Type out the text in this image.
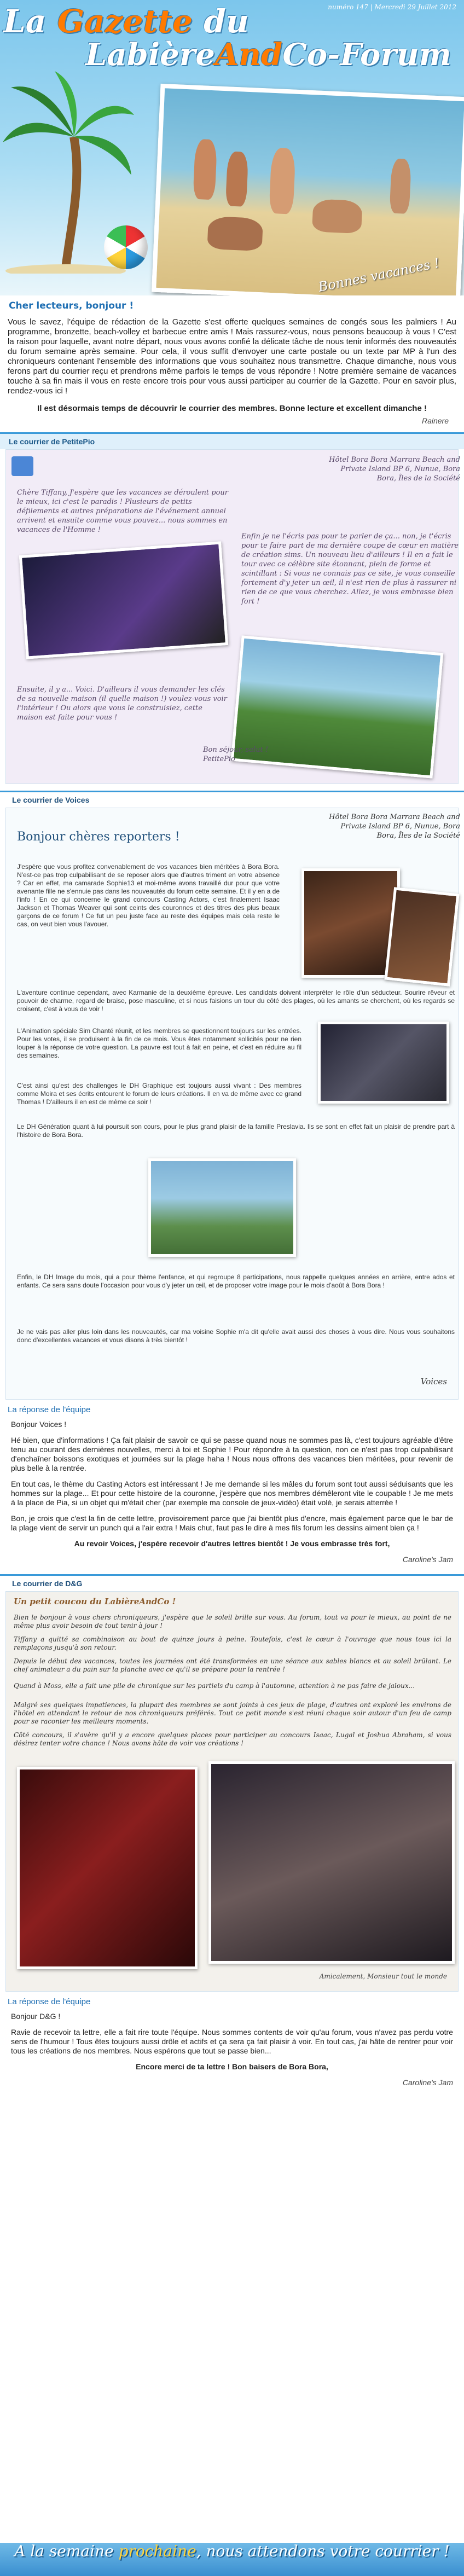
numéro 147 | Mercredi 29 Juillet 2012
La Gazette du
LabièreAndCo-Forum
Bonnes vacances !
Cher lecteurs, bonjour !

Vous le savez, l'équipe de rédaction de la Gazette s'est offerte quelques semaines de congés sous les palmiers ! Au programme, bronzette, beach-volley et barbecue entre amis ! Mais rassurez-vous, nous pensons beaucoup à vous ! C'est la raison pour laquelle, avant notre départ, nous vous avons confié la délicate tâche de nous tenir informés des nouveautés du forum semaine après semaine. Pour cela, il vous suffit d'envoyer une carte postale ou un texte par MP à l'un des chroniqueurs contenant l'ensemble des informations que vous souhaitez nous transmettre. Chaque dimanche, nous vous ferons part du courrier reçu et prendrons même parfois le temps de vous répondre ! Notre première semaine de vacances touche à sa fin mais il vous en reste encore trois pour vous aussi participer au courrier de la Gazette. Pour en savoir plus, rendez-vous ici !

Il est désormais temps de découvrir le courrier des membres. Bonne lecture et excellent dimanche !

Rainere
Le courrier de PetitePio
Hôtel Bora Bora Marrara Beach and Private Island BP 6, Nunue, Bora Bora, Îles de la Société
Chère Tiffany, J'espère que les vacances se déroulent pour le mieux, ici c'est le paradis ! Plusieurs de petits défilements et autres préparations de l'événement annuel arrivent et ensuite comme vous pouvez... nous sommes en vacances de l'Homme !
Enfin je ne l'écris pas pour te parler de ça... non, je t'écris pour te faire part de ma dernière coupe de cœur en matière de création sims. Un nouveau lieu d'ailleurs ! Il en a fait le tour avec ce célèbre site étonnant, plein de forme et scintillant : Si vous ne connais pas ce site, je vous conseille fortement d'y jeter un œil, il n'est rien de plus à rassurer ni rien de ce que vous cherchez. Allez, je vous embrasse bien fort !
Ensuite, il y a... Voici. D'ailleurs il vous demander les clés de sa nouvelle maison (il quelle maison !) voulez-vous voir l'intérieur ! Ou alors que vous le construisiez, cette maison est faite pour vous !
Bon séjour, salut ! PetitePio
Le courrier de Voices
Hôtel Bora Bora Marrara Beach and Private Island BP 6, Nunue, Bora Bora, Îles de la Société
Bonjour chères reporters !

J'espère que vous profitez convenablement de vos vacances bien méritées à Bora Bora. N'est-ce pas trop culpabilisant de se reposer alors que d'autres triment en votre absence ? Car en effet, ma camarade Sophie13 et moi-même avons travaillé dur pour que votre avenante fille ne s'ennuie pas dans les nouveautés du forum cette semaine. Et il y en a de l'info ! En ce qui concerne le grand concours Casting Actors, c'est finalement Isaac Jackson et Thomas Weaver qui sont ceints des couronnes et des titres des plus beaux garçons de ce forum ! Ce fut un peu juste face au reste des équipes mais cela reste le cas, on veut bien vous l'avouer.

L'aventure continue cependant, avec Karmanie de la deuxième épreuve. Les candidats doivent interpréter le rôle d'un séducteur. Sourire rêveur et pouvoir de charme, regard de braise, pose masculine, et si nous faisions un tour du côté des plages, où les amants se cherchent, où les regards se croisent, c'est à vous de voir !

L'Animation spéciale Sim Chanté réunit, et les membres se questionnent toujours sur les entrées. Pour les votes, il se produisent à la fin de ce mois. Vous êtes notamment sollicités pour ne rien louper à la réponse de votre question. La pauvre est tout à fait en peine, et c'est en réduire au fil des semaines.

C'est ainsi qu'est des challenges le DH Graphique est toujours aussi vivant : Des membres comme Moira et ses écrits entourent le forum de leurs créations. Il en va de même avec ce grand Thomas ! D'ailleurs il en est de même ce soir !

Le DH Génération quant à lui poursuit son cours, pour le plus grand plaisir de la famille Preslavia. Ils se sont en effet fait un plaisir de prendre part à l'histoire de Bora Bora.

Enfin, le DH Image du mois, qui a pour thème l'enfance, et qui regroupe 8 participations, nous rappelle quelques années en arrière, entre ados et enfants. Ce sera sans doute l'occasion pour vous d'y jeter un œil, et de proposer votre image pour le mois d'août à Bora Bora !

Je ne vais pas aller plus loin dans les nouveautés, car ma voisine Sophie m'a dit qu'elle avait aussi des choses à vous dire. Nous vous souhaitons donc d'excellentes vacances et vous disons à très bientôt !

Voices
La réponse de l'équipe

Bonjour Voices !

Hé bien, que d'informations ! Ça fait plaisir de savoir ce qui se passe quand nous ne sommes pas là, c'est toujours agréable d'être tenu au courant des dernières nouvelles, merci à toi et Sophie ! Pour répondre à ta question, non ce n'est pas trop culpabilisant d'enchaîner boissons exotiques et journées sur la plage haha ! Nous nous offrons des vacances bien méritées, pour revenir de plus belle à la rentrée.

En tout cas, le thème du Casting Actors est intéressant ! Je me demande si les mâles du forum sont tout aussi séduisants que les hommes sur la plage... Et pour cette histoire de la couronne, j'espère que nos membres démêleront vite le coupable ! Je me mets à la place de Pia, si un objet qui m'était cher (par exemple ma console de jeux-vidéo) était volé, je serais atterrée !

Bon, je crois que c'est la fin de cette lettre, provisoirement parce que j'ai bientôt plus d'encre, mais également parce que le bar de la plage vient de servir un punch qui a l'air extra ! Mais chut, faut pas le dire à mes fils forum les dessins aiment bien ça !

Au revoir Voices, j'espère recevoir d'autres lettres bientôt ! Je vous embrasse très fort,

Caroline's Jam
Le courrier de D&G
Un petit coucou du LabièreAndCo !

Bien le bonjour à vous chers chroniqueurs, j'espère que le soleil brille sur vous. Au forum, tout va pour le mieux, au point de ne même plus avoir besoin de tout tenir à jour !

Tiffany a quitté sa combinaison au bout de quinze jours à peine. Toutefois, c'est le cœur à l'ouvrage que nous tous ici la remplaçons jusqu'à son retour.

Depuis le début des vacances, toutes les journées ont été transformées en une séance aux sables blancs et au soleil brûlant. Le chef animateur a du pain sur la planche avec ce qu'il se prépare pour la rentrée !

Quand à Moss, elle a fait une pile de chronique sur les partiels du camp à l'automne, attention à ne pas faire de jaloux...

Malgré ses quelques impatiences, la plupart des membres se sont joints à ces jeux de plage, d'autres ont exploré les environs de l'hôtel en attendant le retour de nos chroniqueurs préférés. Tout ce petit monde s'est réuni chaque soir autour d'un feu de camp pour se raconter les meilleurs moments.

Côté concours, il s'avère qu'il y a encore quelques places pour participer au concours Isaac, Lugal et Joshua Abraham, si vous désirez tenter votre chance ! Nous avons hâte de voir vos créations !

Amicalement, Monsieur tout le monde
La réponse de l'équipe

Bonjour D&G !

Ravie de recevoir ta lettre, elle a fait rire toute l'équipe. Nous sommes contents de voir qu'au forum, vous n'avez pas perdu votre sens de l'humour ! Tous êtes toujours aussi drôle et actifs et ça sera ça fait plaisir à voir. En tout cas, j'ai hâte de rentrer pour voir tous les créations de nos membres. Nous espérons que tout se passe bien...

Encore merci de ta lettre ! Bon baisers de Bora Bora,

Caroline's Jam
A la semaine prochaine, nous attendons votre courrier !
